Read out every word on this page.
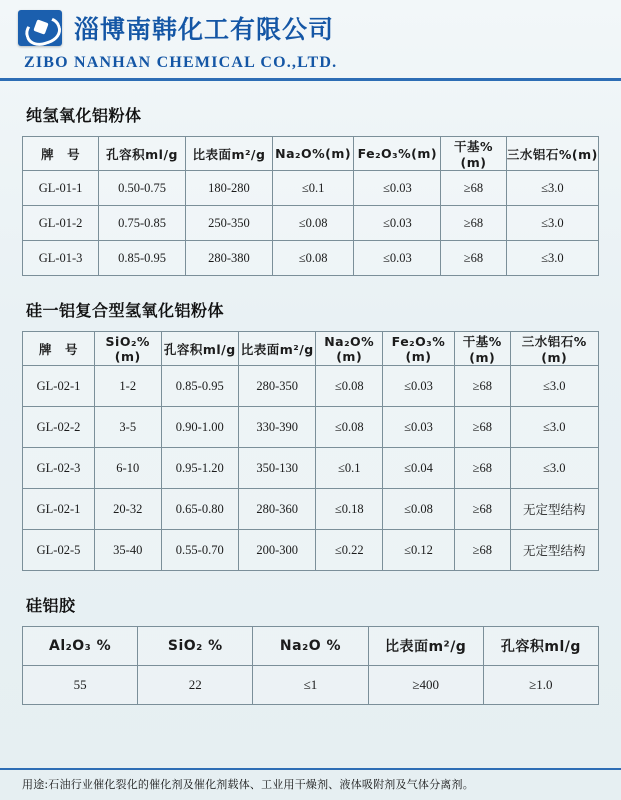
淄博南韩化工有限公司
ZIBO NANHAN CHEMICAL CO.,LTD.
纯氢氧化铝粉体
牌　号	孔容积ml/g	比表面m²/g	Na₂O%(m)	Fe₂O₃%(m)	干基%(m)	三水铝石%(m)
GL-01-1	0.50-0.75	180-280	≤0.1	≤0.03	≥68	≤3.0
GL-01-2	0.75-0.85	250-350	≤0.08	≤0.03	≥68	≤3.0
GL-01-3	0.85-0.95	280-380	≤0.08	≤0.03	≥68	≤3.0
硅一铝复合型氢氧化铝粉体
牌　号	SiO₂%(m)	孔容积ml/g	比表面m²/g	Na₂O%(m)	Fe₂O₃%(m)	干基%(m)	三水铝石%(m)
GL-02-1	1-2	0.85-0.95	280-350	≤0.08	≤0.03	≥68	≤3.0
GL-02-2	3-5	0.90-1.00	330-390	≤0.08	≤0.03	≥68	≤3.0
GL-02-3	6-10	0.95-1.20	350-130	≤0.1	≤0.04	≥68	≤3.0
GL-02-1	20-32	0.65-0.80	280-360	≤0.18	≤0.08	≥68	无定型结构
GL-02-5	35-40	0.55-0.70	200-300	≤0.22	≤0.12	≥68	无定型结构
硅铝胶
Al₂O₃ %	SiO₂ %	Na₂O %	比表面m²/g	孔容积ml/g
55	22	≤1	≥400	≥1.0
用途:石油行业催化裂化的催化剂及催化剂载体、工业用干燥剂、液体吸附剂及气体分离剂。
